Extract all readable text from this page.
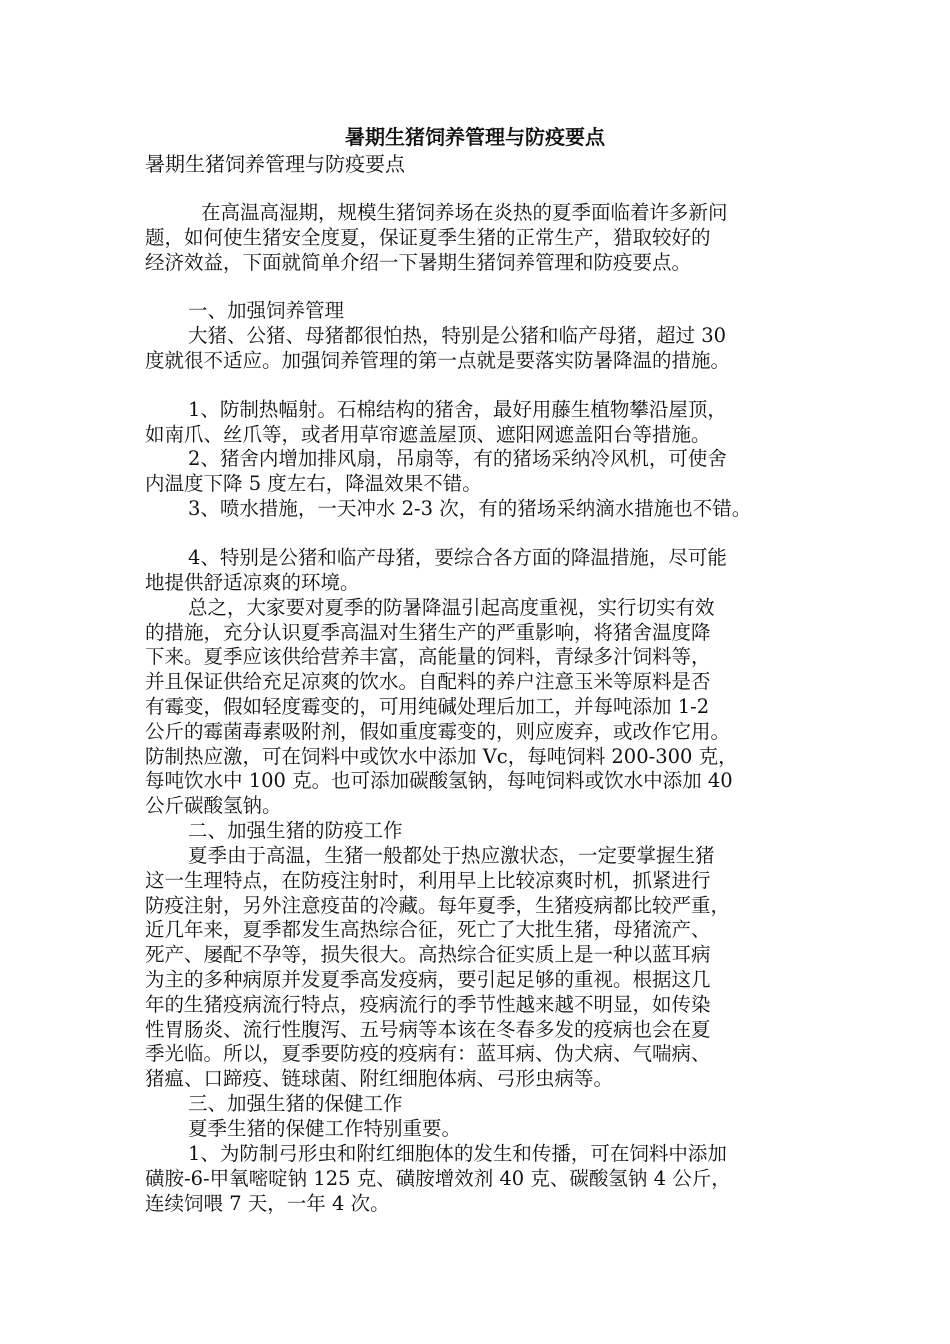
暑期生猪饲养管理与防疫要点
暑期生猪饲养管理与防疫要点
在高温高湿期，规模生猪饲养场在炎热的夏季面临着许多新问
题，如何使生猪安全度夏，保证夏季生猪的正常生产，猎取较好的
经济效益，下面就简单介绍一下暑期生猪饲养管理和防疫要点。
一、加强饲养管理
大猪、公猪、母猪都很怕热，特别是公猪和临产母猪，超过 30
度就很不适应。加强饲养管理的第一点就是要落实防暑降温的措施。
1、防制热幅射。石棉结构的猪舍，最好用藤生植物攀沿屋顶，
如南爪、丝爪等，或者用草帘遮盖屋顶、遮阳网遮盖阳台等措施。
2、猪舍内增加排风扇，吊扇等，有的猪场采纳冷风机，可使舍
内温度下降 5 度左右，降温效果不错。
3、喷水措施，一天冲水 2-3 次，有的猪场采纳滴水措施也不错。
4、特别是公猪和临产母猪，要综合各方面的降温措施，尽可能
地提供舒适凉爽的环境。
总之，大家要对夏季的防暑降温引起高度重视，实行切实有效
的措施，充分认识夏季高温对生猪生产的严重影响，将猪舍温度降
下来。夏季应该供给营养丰富，高能量的饲料，青绿多汁饲料等，
并且保证供给充足凉爽的饮水。自配料的养户注意玉米等原料是否
有霉变，假如轻度霉变的，可用纯碱处理后加工，并每吨添加 1-2
公斤的霉菌毒素吸附剂，假如重度霉变的，则应废弃，或改作它用。
防制热应激，可在饲料中或饮水中添加 Vc，每吨饲料 200-300 克，
每吨饮水中 100 克。也可添加碳酸氢钠，每吨饲料或饮水中添加 40
公斤碳酸氢钠。
二、加强生猪的防疫工作
夏季由于高温，生猪一般都处于热应激状态，一定要掌握生猪
这一生理特点，在防疫注射时，利用早上比较凉爽时机，抓紧进行
防疫注射，另外注意疫苗的冷藏。每年夏季，生猪疫病都比较严重，
近几年来，夏季都发生高热综合征，死亡了大批生猪，母猪流产、
死产、屡配不孕等，损失很大。高热综合征实质上是一种以蓝耳病
为主的多种病原并发夏季高发疫病，要引起足够的重视。根据这几
年的生猪疫病流行特点，疫病流行的季节性越来越不明显，如传染
性胃肠炎、流行性腹泻、五号病等本该在冬春多发的疫病也会在夏
季光临。所以，夏季要防疫的疫病有：蓝耳病、伪犬病、气喘病、
猪瘟、口蹄疫、链球菌、附红细胞体病、弓形虫病等。
三、加强生猪的保健工作
夏季生猪的保健工作特别重要。
1、为防制弓形虫和附红细胞体的发生和传播，可在饲料中添加
磺胺-6-甲氧嘧啶钠 125 克、磺胺增效剂 40 克、碳酸氢钠 4 公斤，
连续饲喂 7 天，一年 4 次。
